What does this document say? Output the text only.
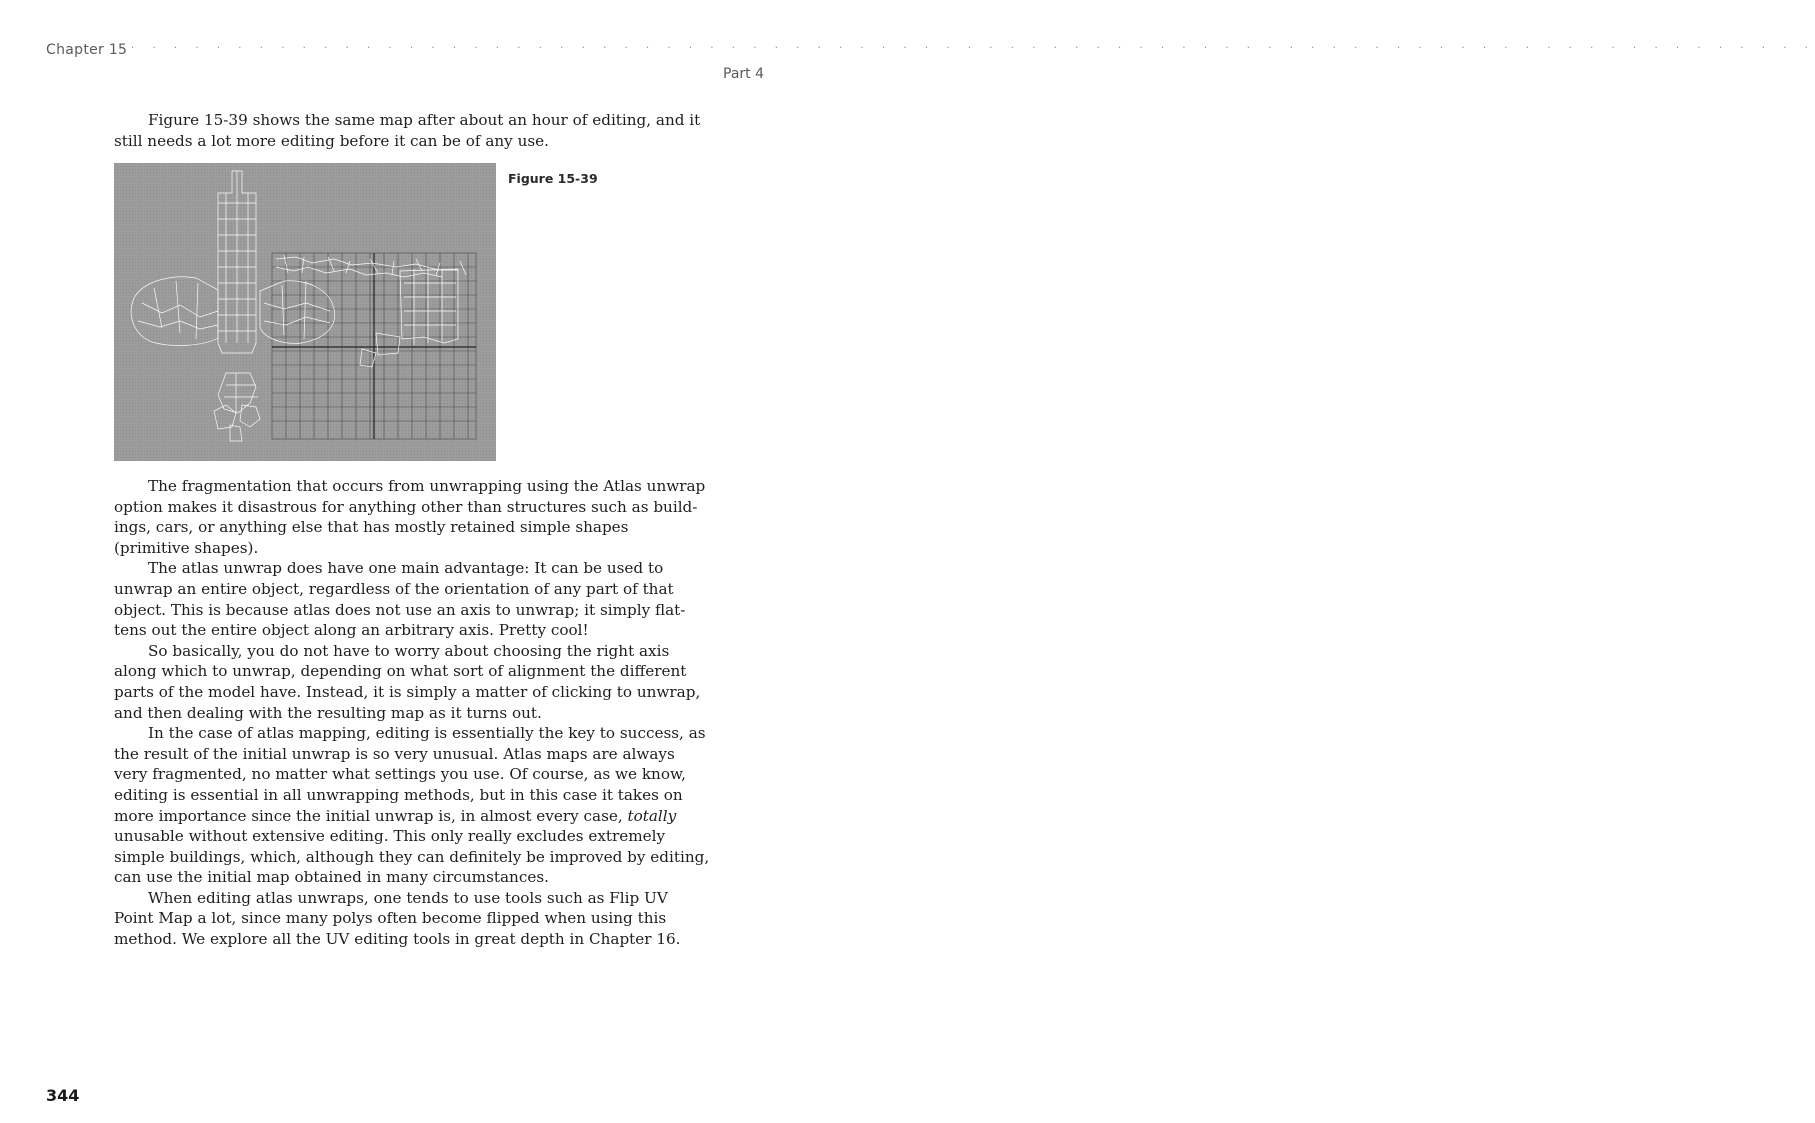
Chapter 15 · · · · · · · · · · · · · · · · · · · · · · · · · · · · · · · · · · · · · · · · · · · · · · · · · · · · · · · · · · · · · · · · · · · · · · · · · · · · · · ·
Part 4

Figure 15-39 shows the same map after about an hour of editing, and it
still needs a lot more editing before it can be of any use.

Figure 15-39

The fragmentation that occurs from unwrapping using the Atlas unwrap
option makes it disastrous for anything other than structures such as build-
ings, cars, or anything else that has mostly retained simple shapes
(primitive shapes).
The atlas unwrap does have one main advantage: It can be used to
unwrap an entire object, regardless of the orientation of any part of that
object. This is because atlas does not use an axis to unwrap; it simply flat-
tens out the entire object along an arbitrary axis. Pretty cool!
So basically, you do not have to worry about choosing the right axis
along which to unwrap, depending on what sort of alignment the different
parts of the model have. Instead, it is simply a matter of clicking to unwrap,
and then dealing with the resulting map as it turns out.
In the case of atlas mapping, editing is essentially the key to success, as
the result of the initial unwrap is so very unusual. Atlas maps are always
very fragmented, no matter what settings you use. Of course, as we know,
editing is essential in all unwrapping methods, but in this case it takes on
more importance since the initial unwrap is, in almost every case, totally
unusable without extensive editing. This only really excludes extremely
simple buildings, which, although they can definitely be improved by editing,
can use the initial map obtained in many circumstances.
When editing atlas unwraps, one tends to use tools such as Flip UV
Point Map a lot, since many polys often become flipped when using this
method. We explore all the UV editing tools in great depth in Chapter 16.

344
